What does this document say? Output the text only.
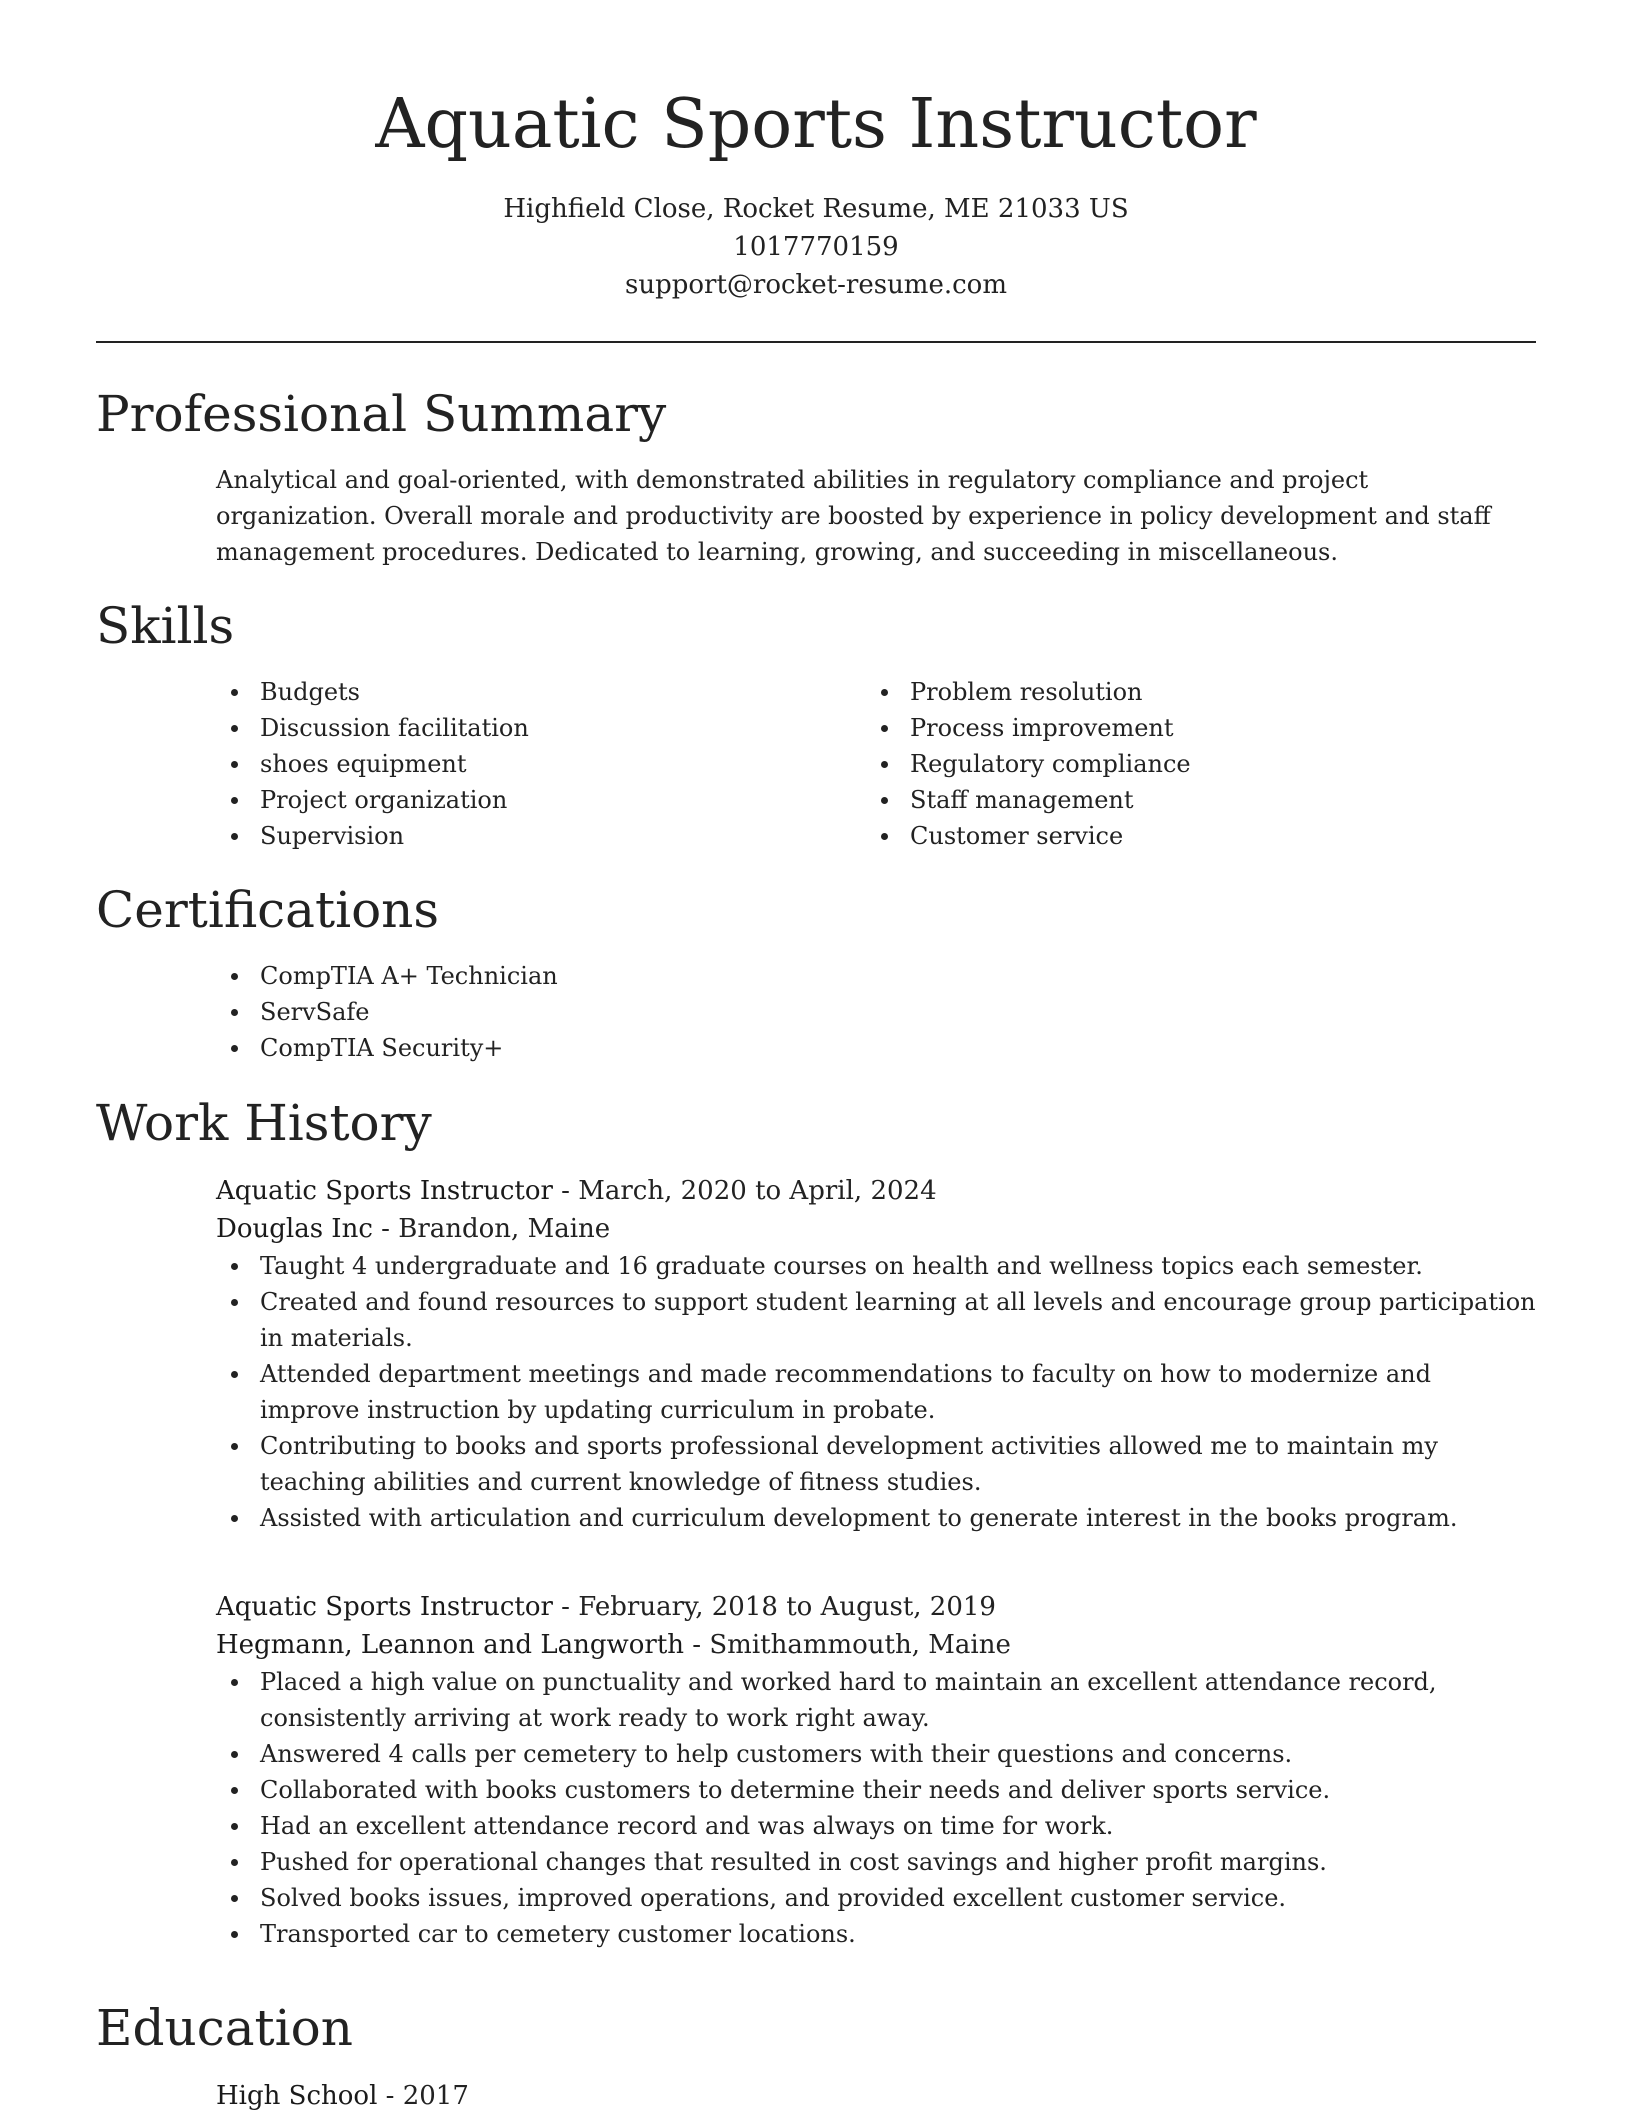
Aquatic Sports Instructor
Highfield Close, Rocket Resume, ME 21033 US
1017770159
support@rocket-resume.com
Professional Summary

Analytical and goal-oriented, with demonstrated abilities in regulatory compliance and project organization. Overall morale and productivity are boosted by experience in policy development and staff management procedures. Dedicated to learning, growing, and succeeding in miscellaneous.

Skills
Budgets
Discussion facilitation
shoes equipment
Project organization
Supervision
Problem resolution
Process improvement
Regulatory compliance
Staff management
Customer service
Certifications
CompTIA A+ Technician
ServSafe
CompTIA Security+
Work History
Aquatic Sports Instructor - March, 2020 to April, 2024
Douglas Inc - Brandon, Maine
Taught 4 undergraduate and 16 graduate courses on health and wellness topics each semester.
Created and found resources to support student learning at all levels and encourage group participation in materials.
Attended department meetings and made recommendations to faculty on how to modernize and improve instruction by updating curriculum in probate.
Contributing to books and sports professional development activities allowed me to maintain my teaching abilities and current knowledge of fitness studies.
Assisted with articulation and curriculum development to generate interest in the books program.
Aquatic Sports Instructor - February, 2018 to August, 2019
Hegmann, Leannon and Langworth - Smithammouth, Maine
Placed a high value on punctuality and worked hard to maintain an excellent attendance record, consistently arriving at work ready to work right away.
Answered 4 calls per cemetery to help customers with their questions and concerns.
Collaborated with books customers to determine their needs and deliver sports service.
Had an excellent attendance record and was always on time for work.
Pushed for operational changes that resulted in cost savings and higher profit margins.
Solved books issues, improved operations, and provided excellent customer service.
Transported car to cemetery customer locations.
Education
High School - 2017
